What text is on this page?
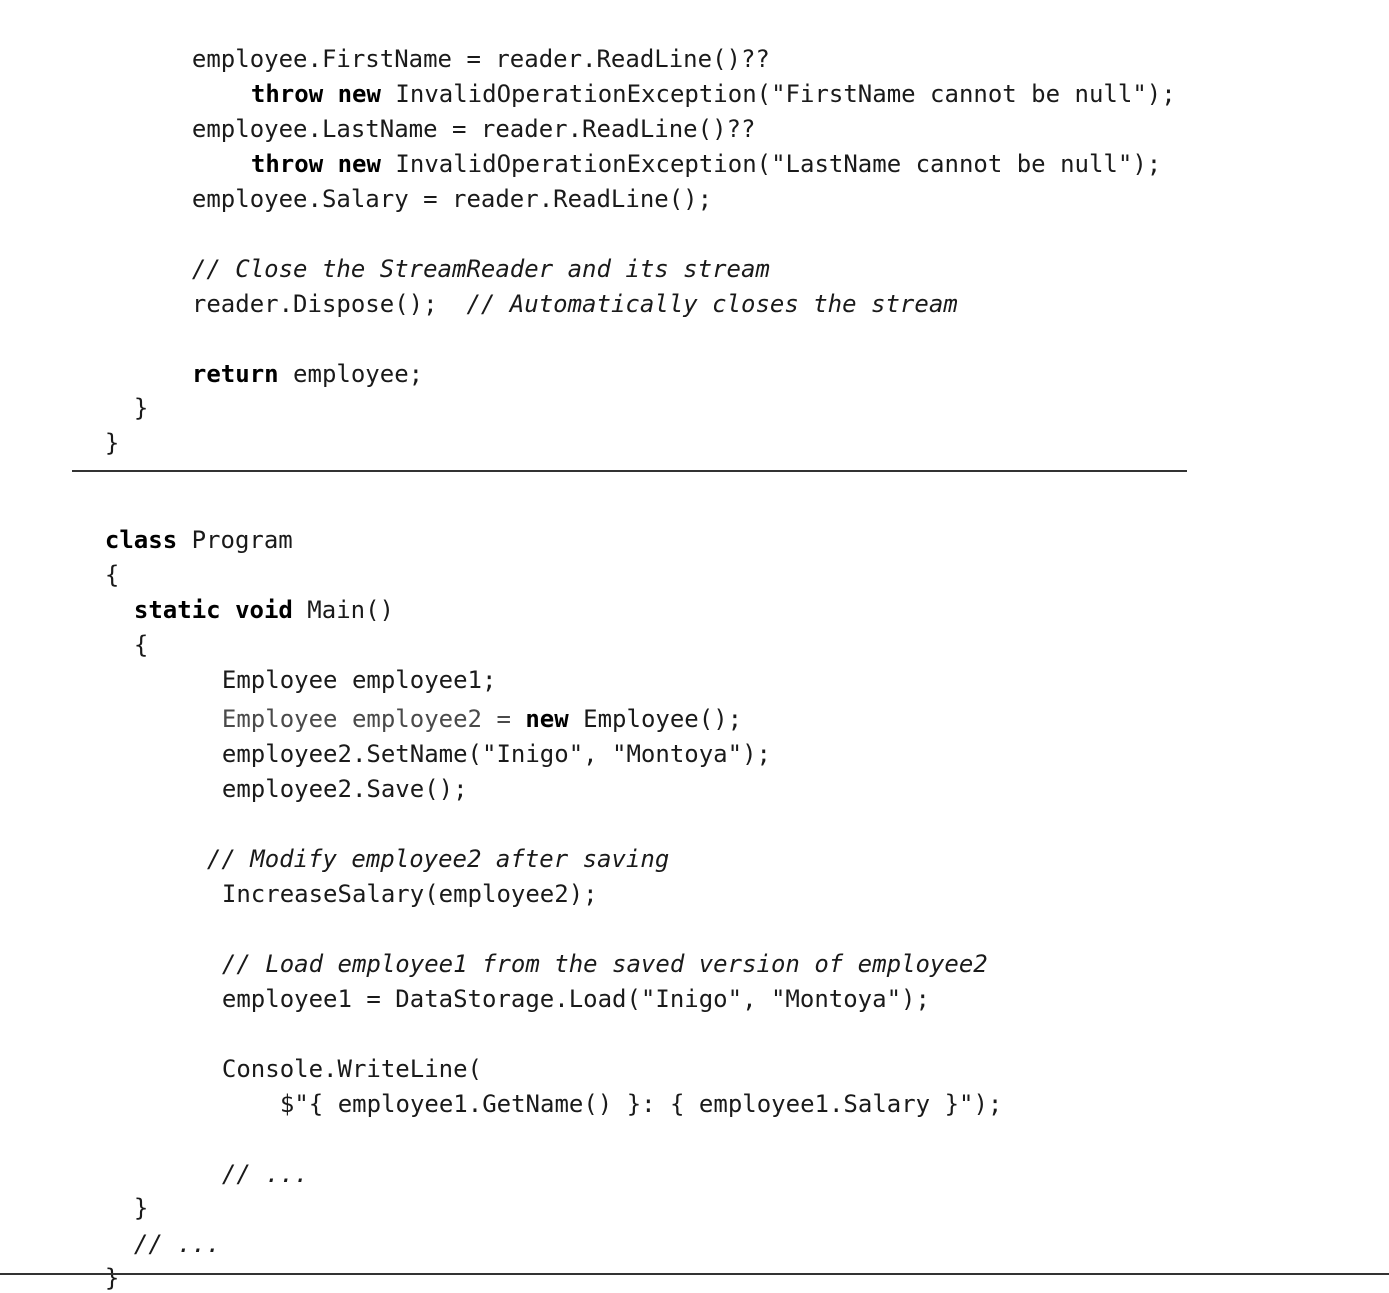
employee.FirstName = reader.ReadLine()??

throw new InvalidOperationException("FirstName cannot be null");

employee.LastName = reader.ReadLine()??

throw new InvalidOperationException("LastName cannot be null");

employee.Salary = reader.ReadLine();

// Close the StreamReader and its stream

reader.Dispose();  // Automatically closes the stream

return employee;

}

}

class Program

{

static void Main()

{

Employee employee1;

Employee employee2 = new Employee();

employee2.SetName("Inigo", "Montoya");

employee2.Save();

// Modify employee2 after saving

IncreaseSalary(employee2);

// Load employee1 from the saved version of employee2

employee1 = DataStorage.Load("Inigo", "Montoya");

Console.WriteLine(

$"{ employee1.GetName() }: { employee1.Salary }");

// ...

}

// ...

}
